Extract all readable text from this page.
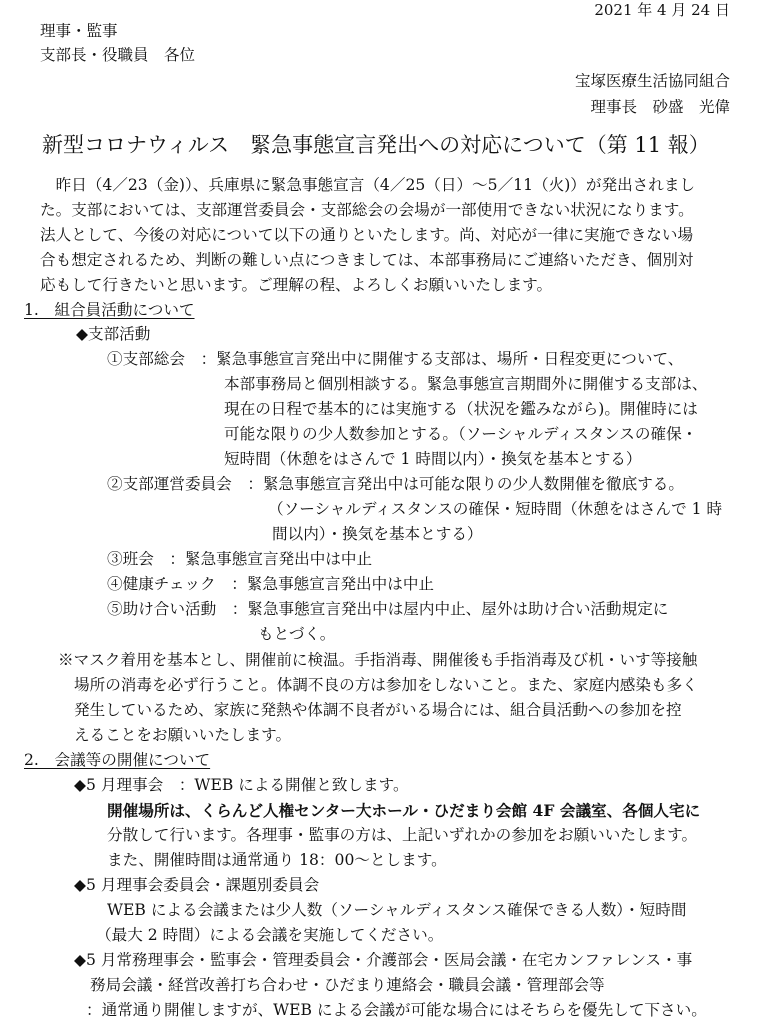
2021 年 4 月 24 日
理事・監事
支部長・役職員　各位
宝塚医療生活協同組合
理事長　砂盛　光偉
新型コロナウィルス　緊急事態宣言発出への対応について（第 11 報）
　昨日（4／23（金)）、兵庫県に緊急事態宣言（4／25（日）〜5／11（火)）が発出されまし
た。支部においては、支部運営委員会・支部総会の会場が一部使用できない状況になります。
法人として、今後の対応について以下の通りといたします。尚、対応が一律に実施できない場
合も想定されるため、判断の難しい点につきましては、本部事務局にご連絡いただき、個別対
応もして行きたいと思います。ご理解の程、よろしくお願いいたします。
1.　組合員活動について
◆支部活動
①支部総会　：緊急事態宣言発出中に開催する支部は、場所・日程変更について、
本部事務局と個別相談する。緊急事態宣言期間外に開催する支部は、
現在の日程で基本的には実施する（状況を鑑みながら)。開催時には
可能な限りの少人数参加とする。（ソーシャルディスタンスの確保・
短時間（休憩をはさんで 1 時間以内）・換気を基本とする）
②支部運営委員会　：緊急事態宣言発出中は可能な限りの少人数開催を徹底する。
（ソーシャルディスタンスの確保・短時間（休憩をはさんで 1 時
間以内）・換気を基本とする）
③班会　：緊急事態宣言発出中は中止
④健康チェック　：緊急事態宣言発出中は中止
⑤助け合い活動　：緊急事態宣言発出中は屋内中止、屋外は助け合い活動規定に
もとづく。
※マスク着用を基本とし、開催前に検温。手指消毒、開催後も手指消毒及び机・いす等接触
場所の消毒を必ず行うこと。体調不良の方は参加をしないこと。また、家庭内感染も多く
発生しているため、家族に発熱や体調不良者がいる場合には、組合員活動への参加を控
えることをお願いいたします。
2.　会議等の開催について
◆5 月理事会　：WEB による開催と致します。
開催場所は、くらんど人権センター大ホール・ひだまり会館 4F 会議室、各個人宅に
分散して行います。各理事・監事の方は、上記いずれかの参加をお願いいたします。
また、開催時間は通常通り 18：00〜とします。
◆5 月理事会委員会・課題別委員会
WEB による会議または少人数（ソーシャルディスタンス確保できる人数）・短時間
（最大 2 時間）による会議を実施してください。
◆5 月常務理事会・監事会・管理委員会・介護部会・医局会議・在宅カンファレンス・事
務局会議・経営改善打ち合わせ・ひだまり連絡会・職員会議・管理部会等
：通常通り開催しますが、WEB による会議が可能な場合にはそちらを優先して下さい。
